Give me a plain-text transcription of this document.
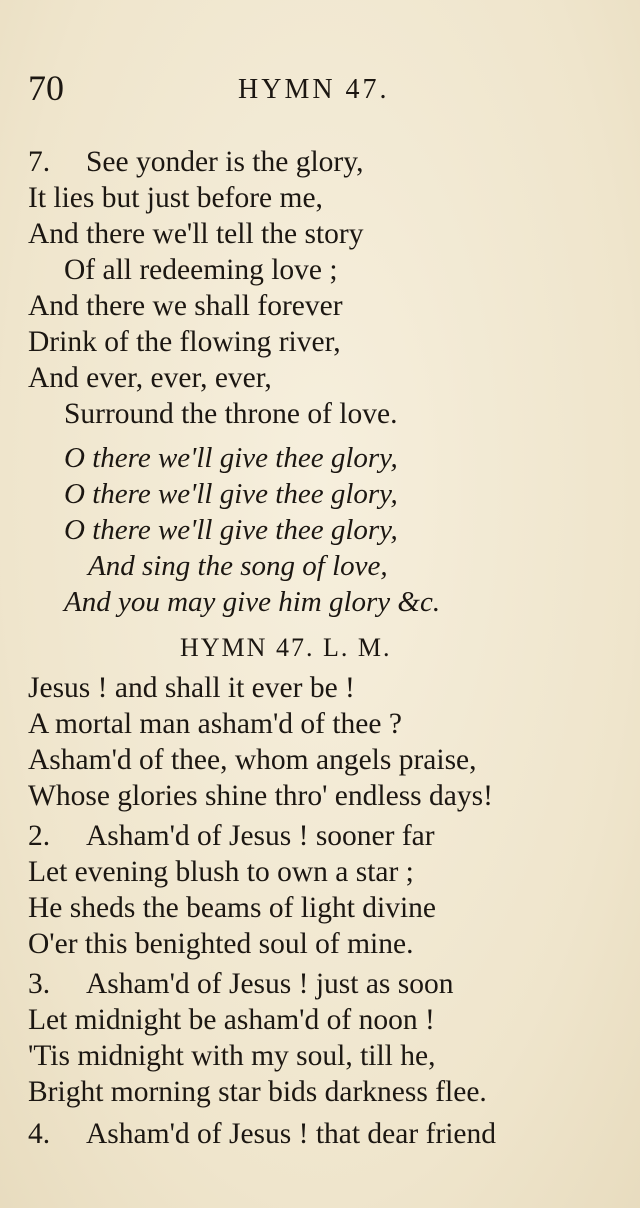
70	HYMN 47.
7. See yonder is the glory,
It lies but just before me,
And there we'll tell the story
Of all redeeming love ;
And there we shall forever
Drink of the flowing river,
And ever, ever, ever,
Surround the throne of love.
O there we'll give thee glory,
O there we'll give thee glory,
O there we'll give thee glory,
And sing the song of love,
And you may give him glory &c.
HYMN 47. L. M.
Jesus ! and shall it ever be !
A mortal man asham'd of thee ?
Asham'd of thee, whom angels praise,
Whose glories shine thro' endless days!
2. Asham'd of Jesus ! sooner far
Let evening blush to own a star ;
He sheds the beams of light divine
O'er this benighted soul of mine.
3. Asham'd of Jesus ! just as soon
Let midnight be asham'd of noon !
'Tis midnight with my soul, till he,
Bright morning star bids darkness flee.
4. Asham'd of Jesus ! that dear friend
